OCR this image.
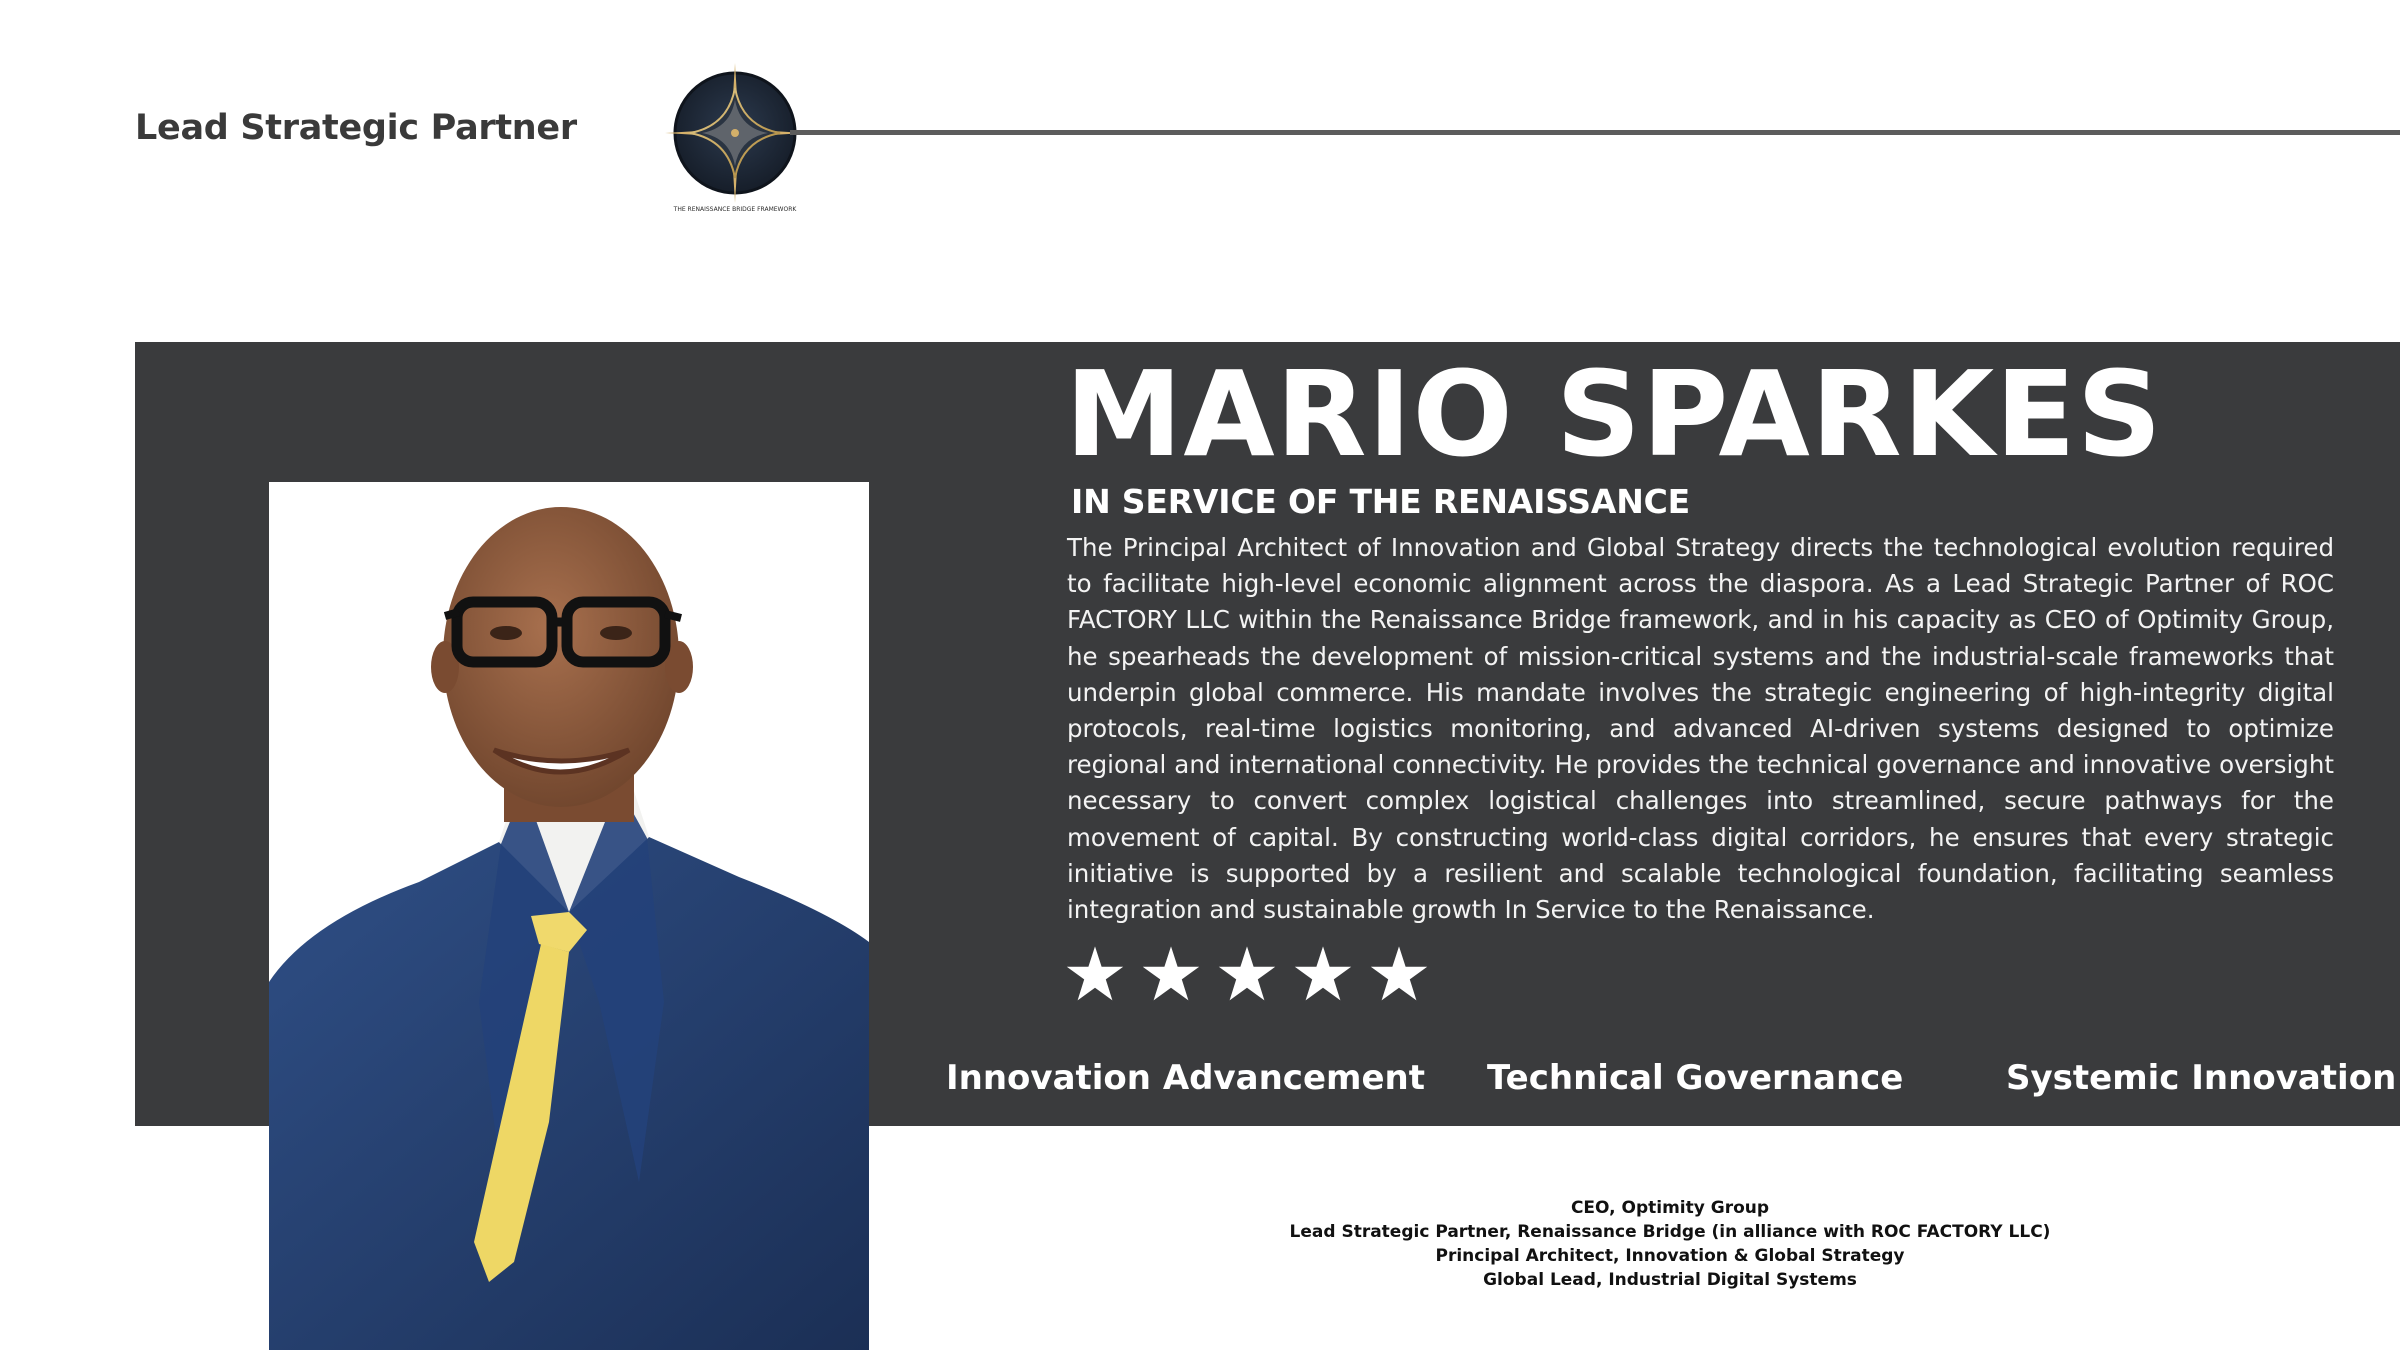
Lead Strategic Partner
THE RENAISSANCE BRIDGE FRAMEWORK
MARIO SPARKES
IN SERVICE OF THE RENAISSANCE

The Principal Architect of Innovation and Global Strategy directs the technological evolution required to facilitate high-level economic alignment across the diaspora. As a Lead Strategic Partner of ROC FACTORY LLC within the Renaissance Bridge framework, and in his capacity as CEO of Optimity Group, he spearheads the development of mission-critical systems and the industrial-scale frameworks that underpin global commerce. His mandate involves the strategic engineering of high-integrity digital protocols, real-time logistics monitoring, and advanced AI-driven systems designed to optimize regional and international connectivity. He provides the technical governance and innovative oversight necessary to convert complex logistical challenges into streamlined, secure pathways for the movement of capital. By constructing world-class digital corridors, he ensures that every strategic initiative is supported by a resilient and scalable technological foundation, facilitating seamless integration and sustainable growth In Service to the Renaissance.

Innovation Advancement Technical Governance	Systemic Innovation
CEO, Optimity Group
Lead Strategic Partner, Renaissance Bridge (in alliance with ROC FACTORY LLC)
Principal Architect, Innovation & Global Strategy
Global Lead, Industrial Digital Systems
